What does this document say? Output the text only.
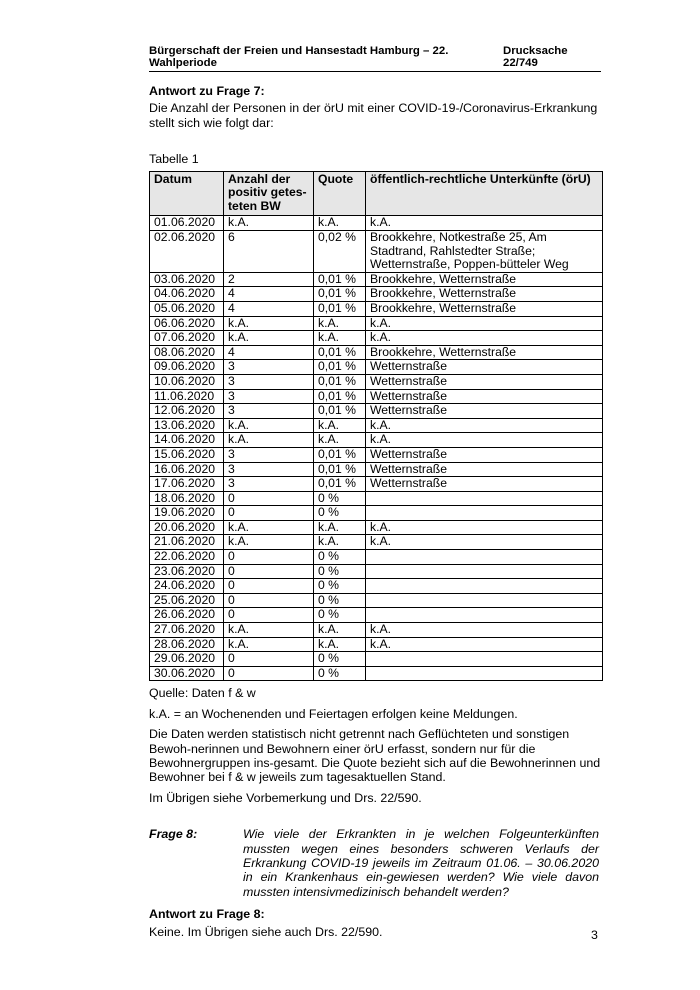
Bürgerschaft der Freien und Hansestadt Hamburg – 22. Wahlperiode
Drucksache 22/749

Antwort zu Frage 7:

Die Anzahl der Personen in der örU mit einer COVID-19-/Coronavirus-Erkrankung stellt sich wie folgt dar:

Tabelle 1

Datum	Anzahl der positiv getes-teten BW	Quote	öffentlich-rechtliche Unterkünfte (örU)
01.06.2020	k.A.	k.A.	k.A.
02.06.2020	6	0,02 %	Brookkehre, Notkestraße 25, Am Stadtrand, Rahlstedter Straße; Wetternstraße, Poppen-bütteler Weg
03.06.2020	2	0,01 %	Brookkehre, Wetternstraße
04.06.2020	4	0,01 %	Brookkehre, Wetternstraße
05.06.2020	4	0,01 %	Brookkehre, Wetternstraße
06.06.2020	k.A.	k.A.	k.A.
07.06.2020	k.A.	k.A.	k.A.
08.06.2020	4	0,01 %	Brookkehre, Wetternstraße
09.06.2020	3	0,01 %	Wetternstraße
10.06.2020	3	0,01 %	Wetternstraße
11.06.2020	3	0,01 %	Wetternstraße
12.06.2020	3	0,01 %	Wetternstraße
13.06.2020	k.A.	k.A.	k.A.
14.06.2020	k.A.	k.A.	k.A.
15.06.2020	3	0,01 %	Wetternstraße
16.06.2020	3	0,01 %	Wetternstraße
17.06.2020	3	0,01 %	Wetternstraße
18.06.2020	0	0 %	
19.06.2020	0	0 %	
20.06.2020	k.A.	k.A.	k.A.
21.06.2020	k.A.	k.A.	k.A.
22.06.2020	0	0 %	
23.06.2020	0	0 %	
24.06.2020	0	0 %	
25.06.2020	0	0 %	
26.06.2020	0	0 %	
27.06.2020	k.A.	k.A.	k.A.
28.06.2020	k.A.	k.A.	k.A.
29.06.2020	0	0 %	
30.06.2020	0	0 %	

Quelle: Daten f & w

k.A. = an Wochenenden und Feiertagen erfolgen keine Meldungen.

Die Daten werden statistisch nicht getrennt nach Geflüchteten und sonstigen Bewoh-nerinnen und Bewohnern einer örU erfasst, sondern nur für die Bewohnergruppen ins-gesamt. Die Quote bezieht sich auf die Bewohnerinnen und Bewohner bei f & w jeweils zum tagesaktuellen Stand.

Im Übrigen siehe Vorbemerkung und Drs. 22/590.

Frage 8:	Wie viele der Erkrankten in je welchen Folgeunterkünften mussten wegen eines besonders schweren Verlaufs der Erkrankung COVID-19 jeweils im Zeitraum 01.06. – 30.06.2020 in ein Krankenhaus ein-gewiesen werden? Wie viele davon mussten intensivmedizinisch behandelt werden?

Antwort zu Frage 8:

Keine. Im Übrigen siehe auch Drs. 22/590.	3
